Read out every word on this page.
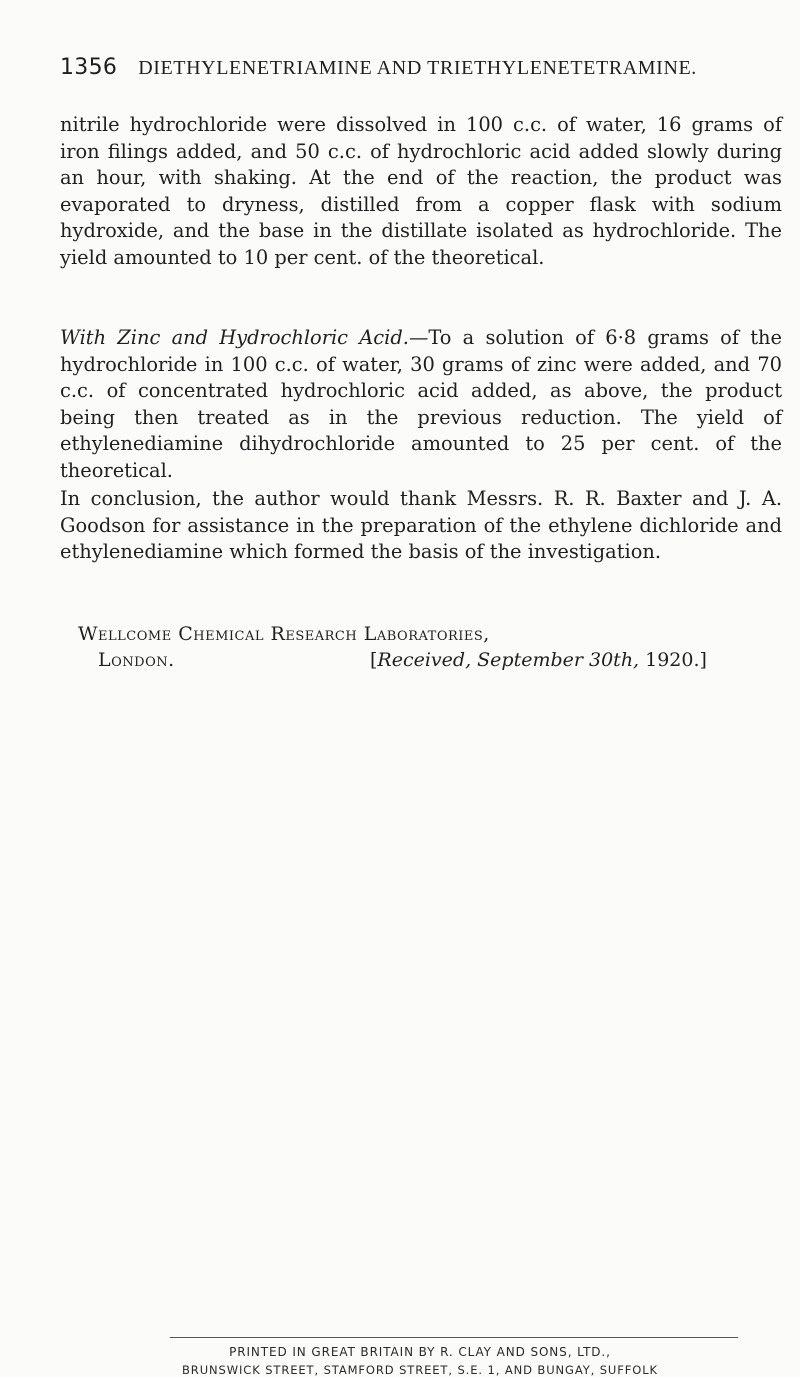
1356 DIETHYLENETRIAMINE AND TRIETHYLENETETRAMINE.

nitrile hydrochloride were dissolved in 100 c.c. of water, 16 grams of iron filings added, and 50 c.c. of hydrochloric acid added slowly during an hour, with shaking. At the end of the reaction, the product was evaporated to dryness, distilled from a copper flask with sodium hydroxide, and the base in the distillate isolated as hydrochloride. The yield amounted to 10 per cent. of the theoretical.

With Zinc and Hydrochloric Acid.—To a solution of 6·8 grams of the hydrochloride in 100 c.c. of water, 30 grams of zinc were added, and 70 c.c. of concentrated hydrochloric acid added, as above, the product being then treated as in the previous reduction. The yield of ethylenediamine dihydrochloride amounted to 25 per cent. of the theoretical.

In conclusion, the author would thank Messrs. R. R. Baxter and J. A. Goodson for assistance in the preparation of the ethylene dichloride and ethylenediamine which formed the basis of the investigation.

Wellcome Chemical Research Laboratories,
London.	[Received, September 30th, 1920.]
PRINTED IN GREAT BRITAIN BY R. CLAY AND SONS, LTD.,
BRUNSWICK STREET, STAMFORD STREET, S.E. 1, AND BUNGAY, SUFFOLK
